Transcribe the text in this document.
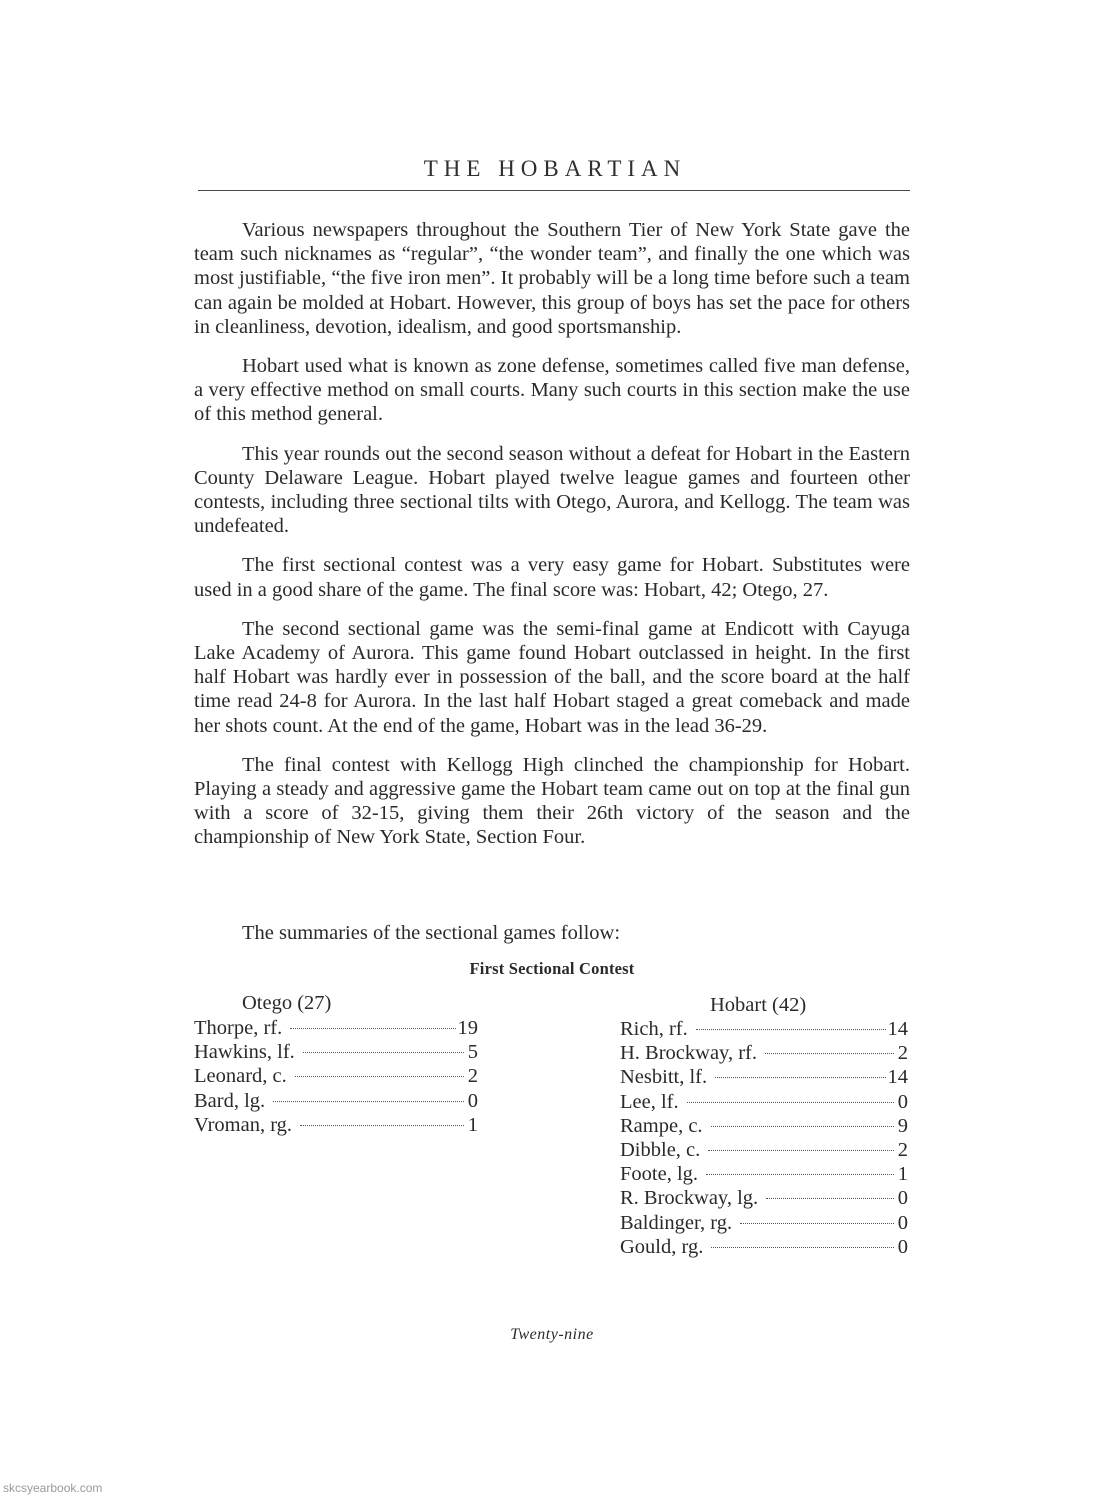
THE HOBARTIAN

Various newspapers throughout the Southern Tier of New York State gave the team such nicknames as “regular”, “the wonder team”, and finally the one which was most justifiable, “the five iron men”. It probably will be a long time before such a team can again be molded at Hobart. However, this group of boys has set the pace for others in cleanliness, devotion, idealism, and good sportsmanship.

Hobart used what is known as zone defense, sometimes called five man defense, a very effective method on small courts. Many such courts in this section make the use of this method general.

This year rounds out the second season without a defeat for Hobart in the Eastern County Delaware League. Hobart played twelve league games and fourteen other contests, including three sectional tilts with Otego, Aurora, and Kellogg. The team was undefeated.

The first sectional contest was a very easy game for Hobart. Substitutes were used in a good share of the game. The final score was: Hobart, 42; Otego, 27.

The second sectional game was the semi-final game at Endicott with Cayuga Lake Academy of Aurora. This game found Hobart outclassed in height. In the first half Hobart was hardly ever in possession of the ball, and the score board at the half time read 24-8 for Aurora. In the last half Hobart staged a great comeback and made her shots count. At the end of the game, Hobart was in the lead 36-29.

The final contest with Kellogg High clinched the championship for Hobart. Playing a steady and aggressive game the Hobart team came out on top at the final gun with a score of 32-15, giving them their 26th victory of the season and the championship of New York State, Section Four.

The summaries of the sectional games follow:
First Sectional Contest
Otego (27)
Thorpe, rf.	19
Hawkins, lf.	5
Leonard, c.	2
Bard, lg.	0
Vroman, rg.	1
Hobart (42)
Rich, rf.	14
H. Brockway, rf.	2
Nesbitt, lf.	14
Lee, lf.	0
Rampe, c.	9
Dibble, c.	2
Foote, lg.	1
R. Brockway, lg.	0
Baldinger, rg.	0
Gould, rg.	0
Twenty-nine
skcsyearbook.com
